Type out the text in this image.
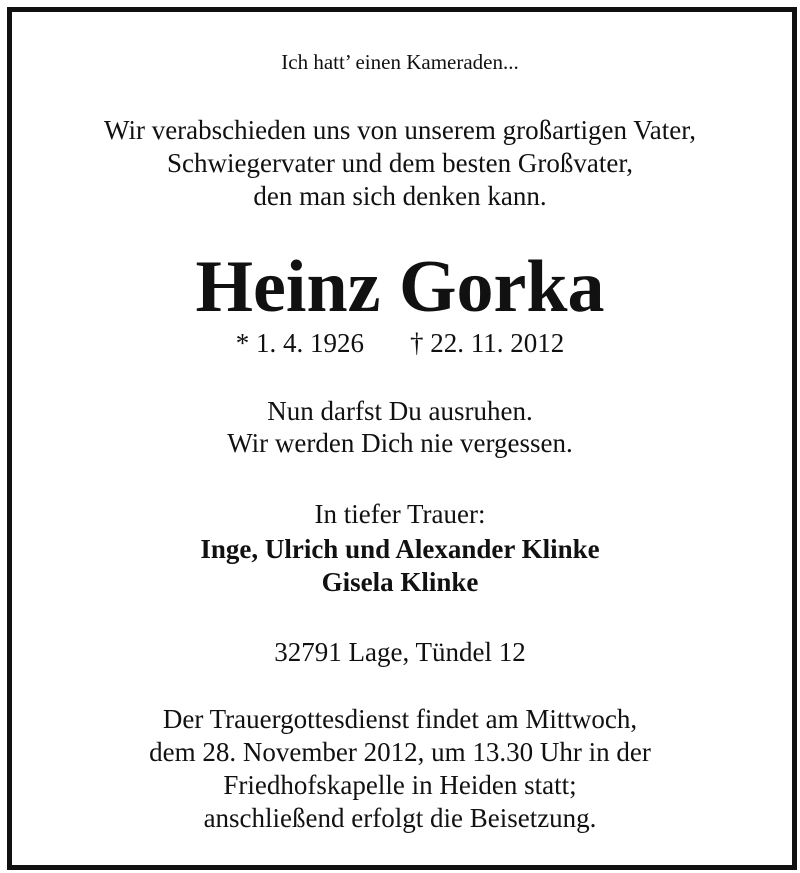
Ich hatt’ einen Kameraden...
Wir verabschieden uns von unserem großartigen Vater,
Schwiegervater und dem besten Großvater,
den man sich denken kann.
Heinz Gorka
* 1. 4. 1926 † 22. 11. 2012
Nun darfst Du ausruhen.
Wir werden Dich nie vergessen.
In tiefer Trauer:
Inge, Ulrich und Alexander Klinke
Gisela Klinke
32791 Lage, Tündel 12
Der Trauergottesdienst findet am Mittwoch,
dem 28. November 2012, um 13.30 Uhr in der
Friedhofskapelle in Heiden statt;
anschließend erfolgt die Beisetzung.
